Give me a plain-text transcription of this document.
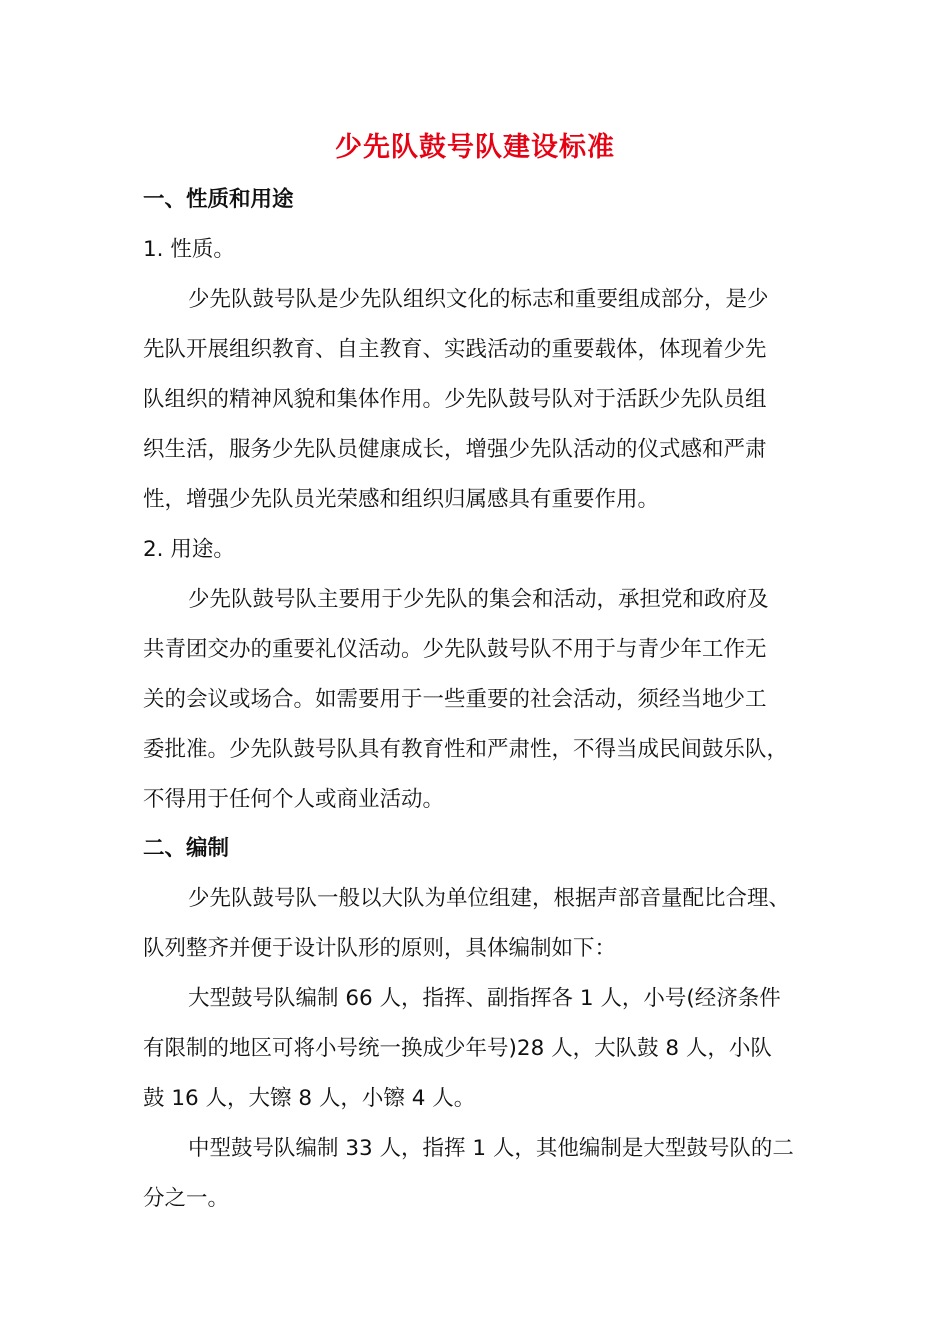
少先队鼓号队建设标准
一、性质和用途
1. 性质。
少先队鼓号队是少先队组织文化的标志和重要组成部分，是少
先队开展组织教育、自主教育、实践活动的重要载体，体现着少先
队组织的精神风貌和集体作用。少先队鼓号队对于活跃少先队员组
织生活，服务少先队员健康成长，增强少先队活动的仪式感和严肃
性，增强少先队员光荣感和组织归属感具有重要作用。
2. 用途。
少先队鼓号队主要用于少先队的集会和活动，承担党和政府及
共青团交办的重要礼仪活动。少先队鼓号队不用于与青少年工作无
关的会议或场合。如需要用于一些重要的社会活动，须经当地少工
委批准。少先队鼓号队具有教育性和严肃性，不得当成民间鼓乐队，
不得用于任何个人或商业活动。
二、编制
少先队鼓号队一般以大队为单位组建，根据声部音量配比合理、
队列整齐并便于设计队形的原则，具体编制如下：
大型鼓号队编制 66 人，指挥、副指挥各 1 人，小号(经济条件
有限制的地区可将小号统一换成少年号)28 人，大队鼓 8 人，小队
鼓 16 人，大镲 8 人，小镲 4 人。
中型鼓号队编制 33 人，指挥 1 人，其他编制是大型鼓号队的二
分之一。
